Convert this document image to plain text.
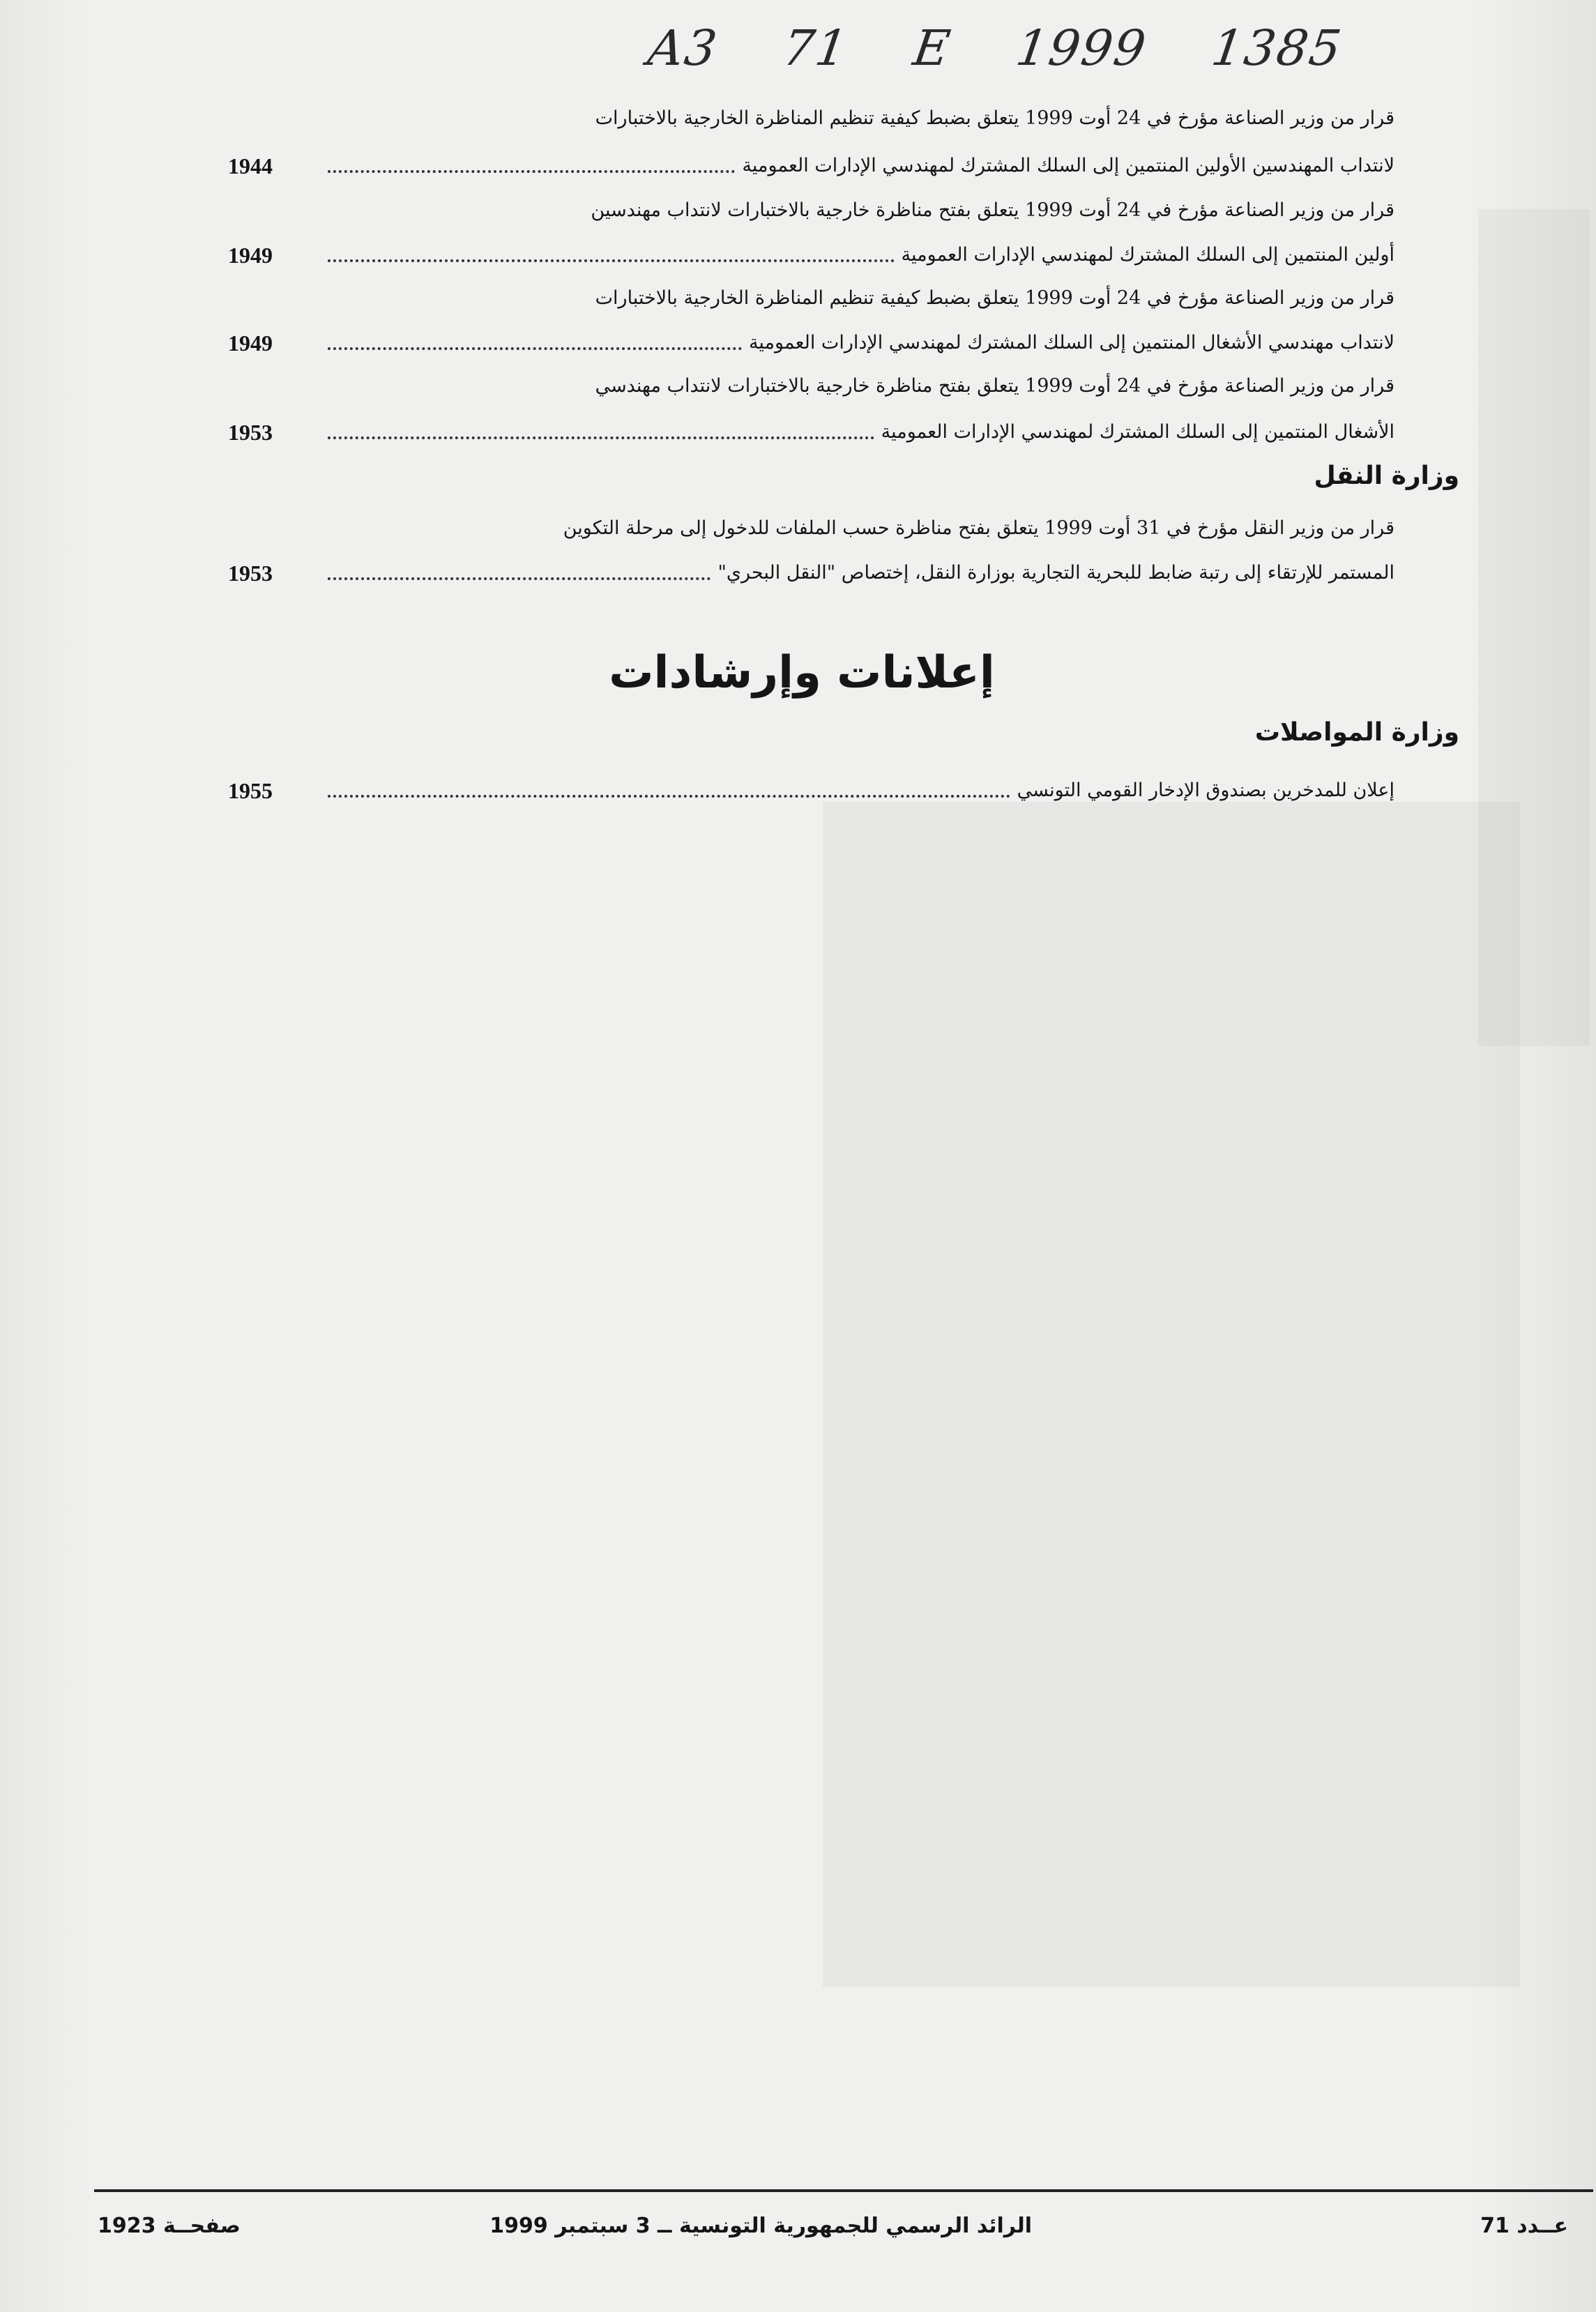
A3 71 E 1999 1385
قرار من وزير الصناعة مؤرخ في 24 أوت 1999 يتعلق بضبط كيفية تنظيم المناظرة الخارجية بالاختبارات
لانتداب المهندسين الأولين المنتمين إلى السلك المشترك لمهندسي الإدارات العمومية
1944
قرار من وزير الصناعة مؤرخ في 24 أوت 1999 يتعلق بفتح مناظرة خارجية بالاختبارات لانتداب مهندسين
أولين المنتمين إلى السلك المشترك لمهندسي الإدارات العمومية
1949
قرار من وزير الصناعة مؤرخ في 24 أوت 1999 يتعلق بضبط كيفية تنظيم المناظرة الخارجية بالاختبارات
لانتداب مهندسي الأشغال المنتمين إلى السلك المشترك لمهندسي الإدارات العمومية
1949
قرار من وزير الصناعة مؤرخ في 24 أوت 1999 يتعلق بفتح مناظرة خارجية بالاختبارات لانتداب مهندسي
الأشغال المنتمين إلى السلك المشترك لمهندسي الإدارات العمومية
1953
وزارة النقل
قرار من وزير النقل مؤرخ في 31 أوت 1999 يتعلق بفتح مناظرة حسب الملفات للدخول إلى مرحلة التكوين
المستمر للإرتقاء إلى رتبة ضابط للبحرية التجارية بوزارة النقل، إختصاص "النقل البحري"
1953
إعلانات وإرشادات
وزارة المواصلات
إعلان للمدخرين بصندوق الإدخار القومي التونسي
1955
صفحــة 1923	الرائد الرسمي للجمهورية التونسية ــ 3 سبتمبر 1999	عــدد 71
